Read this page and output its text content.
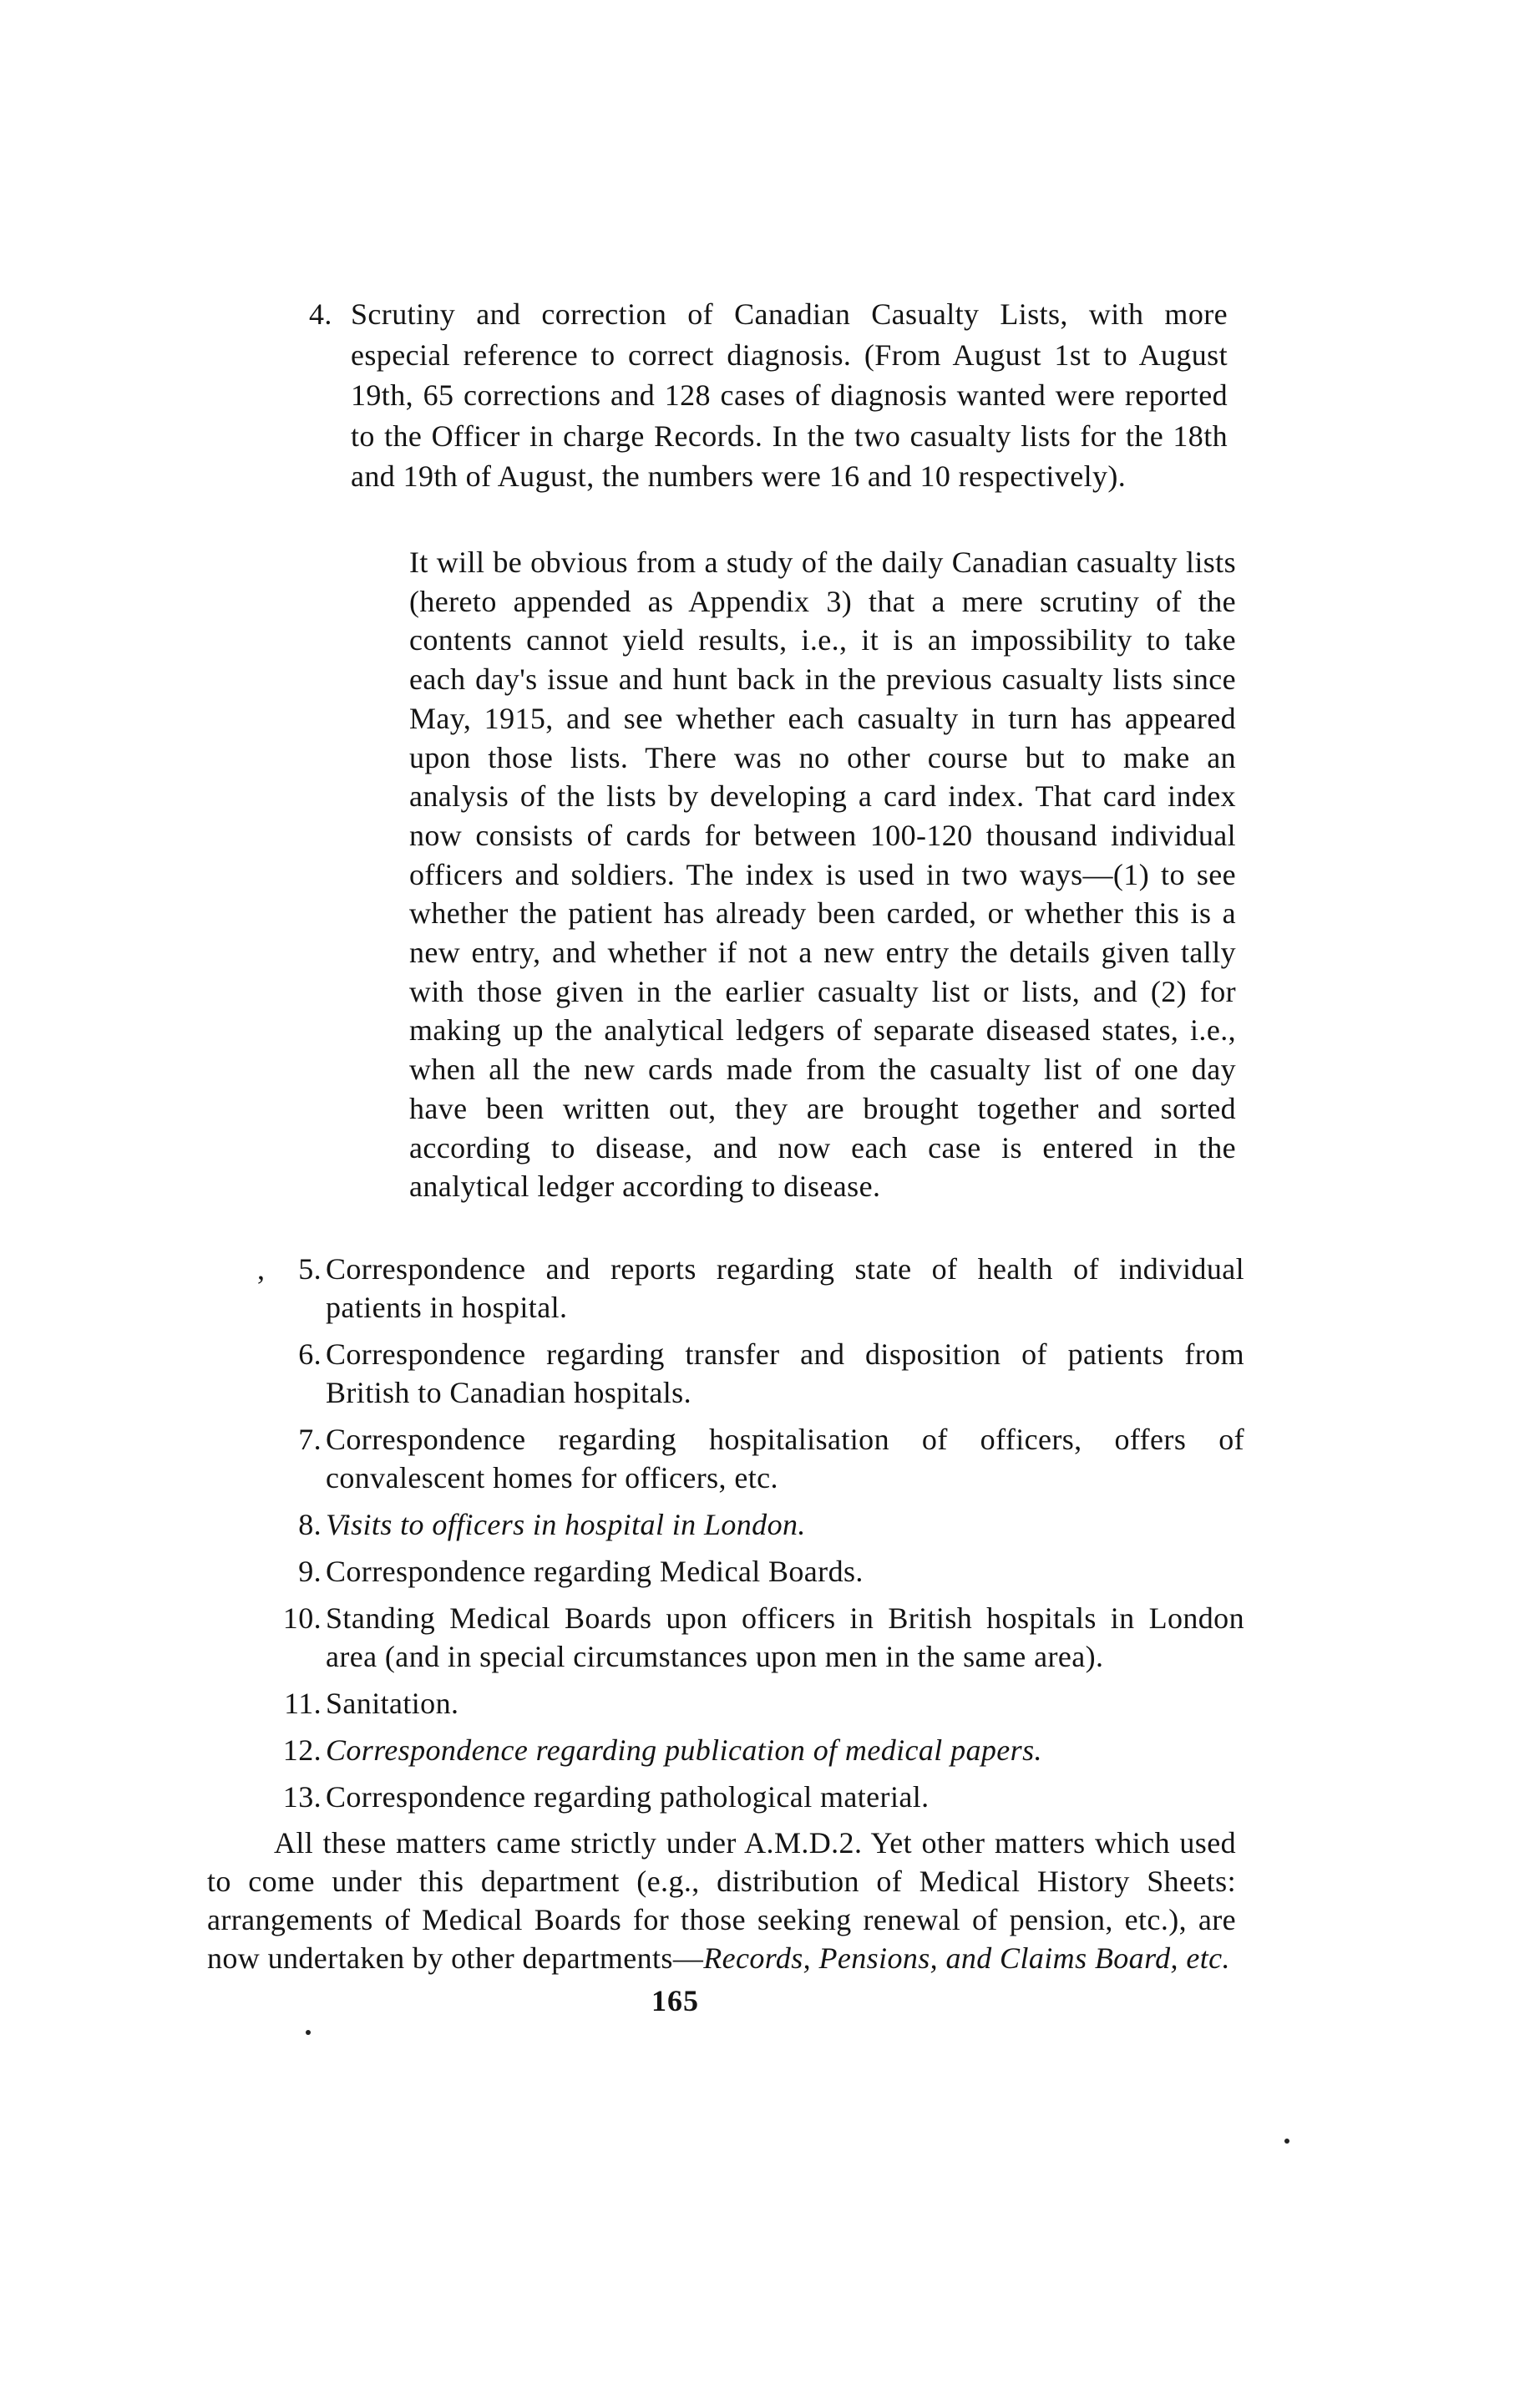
4. Scrutiny and correction of Canadian Casualty Lists, with more especial reference to correct diagnosis. (From August 1st to August 19th, 65 corrections and 128 cases of diagnosis wanted were reported to the Officer in charge Records. In the two casualty lists for the 18th and 19th of August, the numbers were 16 and 10 respectively).

It will be obvious from a study of the daily Canadian casualty lists (hereto appended as Appendix 3) that a mere scrutiny of the contents cannot yield results, i.e., it is an impossibility to take each day's issue and hunt back in the previous casualty lists since May, 1915, and see whether each casualty in turn has appeared upon those lists. There was no other course but to make an analysis of the lists by developing a card index. That card index now consists of cards for between 100-120 thousand individual officers and soldiers. The index is used in two ways—(1) to see whether the patient has already been carded, or whether this is a new entry, and whether if not a new entry the details given tally with those given in the earlier casualty list or lists, and (2) for making up the analytical ledgers of separate diseased states, i.e., when all the new cards made from the casualty list of one day have been written out, they are brought together and sorted according to disease, and now each case is entered in the analytical ledger according to disease.

,	5. Correspondence and reports regarding state of health of individual patients in hospital.
6. Correspondence regarding transfer and disposition of patients from British to Canadian hospitals.
7. Correspondence regarding hospitalisation of officers, offers of convalescent homes for officers, etc.
8. Visits to officers in hospital in London.
9. Correspondence regarding Medical Boards.
10. Standing Medical Boards upon officers in British hospitals in London area (and in special circumstances upon men in the same area).
11. Sanitation.
12. Correspondence regarding publication of medical papers.
13. Correspondence regarding pathological material.

All these matters came strictly under A.M.D.2. Yet other matters which used to come under this department (e.g., distribution of Medical History Sheets: arrangements of Medical Boards for those seeking renewal of pension, etc.), are now undertaken by other departments—Records, Pensions, and Claims Board, etc.

165
